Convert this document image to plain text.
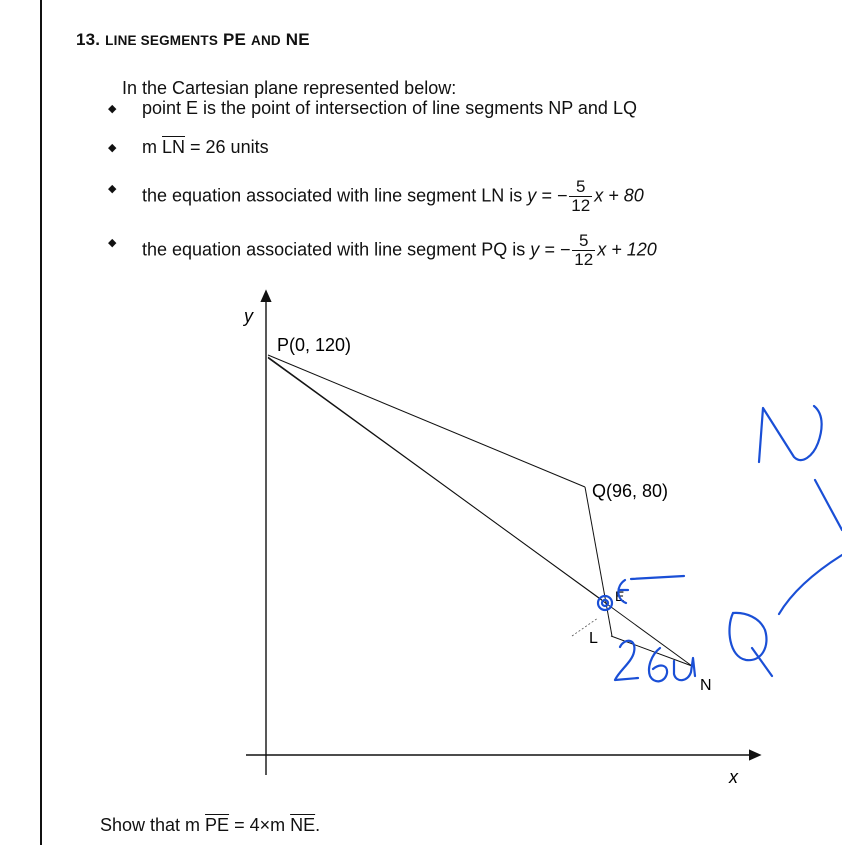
13. LINE SEGMENTS PE AND NE
In the Cartesian plane represented below:
◆ point E is the point of intersection of line segments NP and LQ
◆ m $\overline{LN} = 26$ units
◆ the equation associated with line segment LN is y = − $\frac{5}{12}$ x + 80
◆ the equation associated with line segment PQ is y = − $\frac{5}{12}$ x + 120
y
x
P(0, 120)
Q(96, 80)
E
L
N
Show that m $\overline{PE} = 4\times m$ $\overline{NE}$.
